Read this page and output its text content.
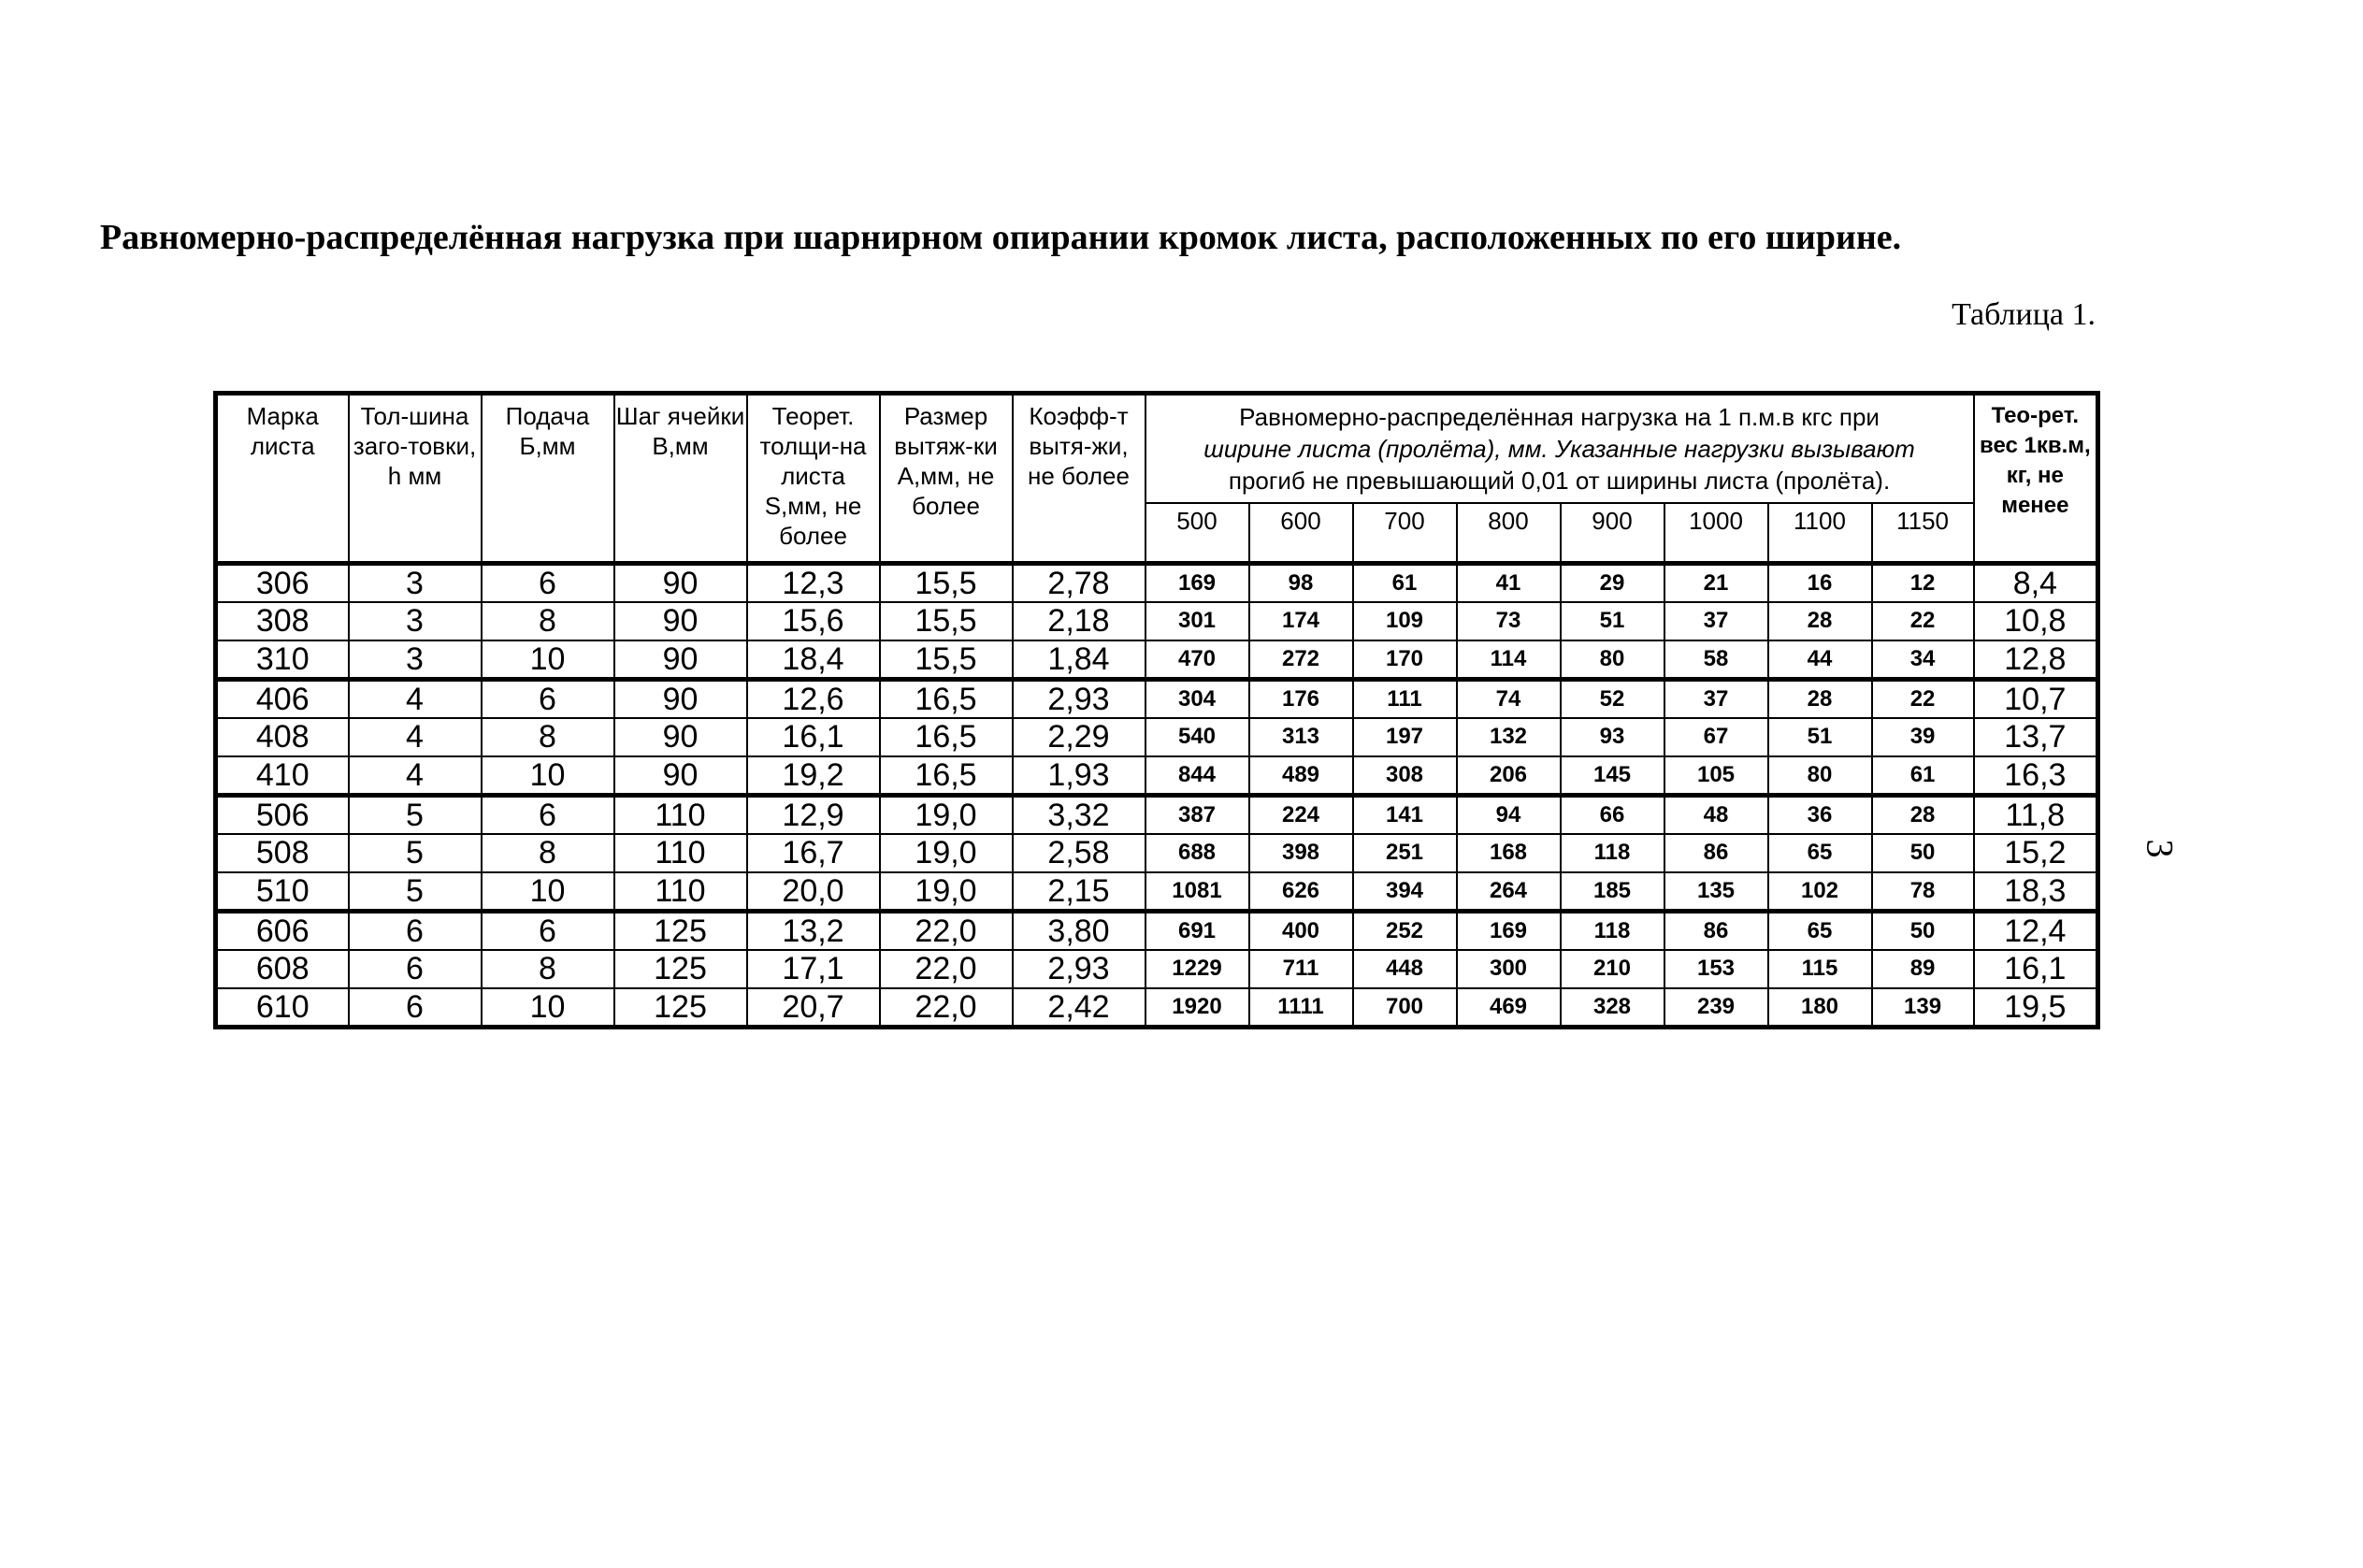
Равномерно-распределённая нагрузка при шарнирном опирании кромок листа, расположенных по его ширине.
Таблица 1.
3
Марка листа	Тол-шина заго-товки, h мм	Подача Б,мм	Шаг ячейки В,мм	Теорет. толщи-на листа S,мм, не более	Размер вытяж-ки А,мм, не более	Коэфф-т вытя-жи, не более	Равномерно-распределённая нагрузка на 1 п.м.в кгс при
ширине листа (пролёта), мм. Указанные нагрузки вызывают
прогиб не превышающий 0,01 от ширины листа (пролёта).								Тео-рет. вес 1кв.м, кг, не менее
							500	600	700	800	900	1000	1100	1150	
306	3	6	90	12,3	15,5	2,78	169	98	61	41	29	21	16	12	8,4
308	3	8	90	15,6	15,5	2,18	301	174	109	73	51	37	28	22	10,8
310	3	10	90	18,4	15,5	1,84	470	272	170	114	80	58	44	34	12,8
406	4	6	90	12,6	16,5	2,93	304	176	111	74	52	37	28	22	10,7
408	4	8	90	16,1	16,5	2,29	540	313	197	132	93	67	51	39	13,7
410	4	10	90	19,2	16,5	1,93	844	489	308	206	145	105	80	61	16,3
506	5	6	110	12,9	19,0	3,32	387	224	141	94	66	48	36	28	11,8
508	5	8	110	16,7	19,0	2,58	688	398	251	168	118	86	65	50	15,2
510	5	10	110	20,0	19,0	2,15	1081	626	394	264	185	135	102	78	18,3
606	6	6	125	13,2	22,0	3,80	691	400	252	169	118	86	65	50	12,4
608	6	8	125	17,1	22,0	2,93	1229	711	448	300	210	153	115	89	16,1
610	6	10	125	20,7	22,0	2,42	1920	1111	700	469	328	239	180	139	19,5
